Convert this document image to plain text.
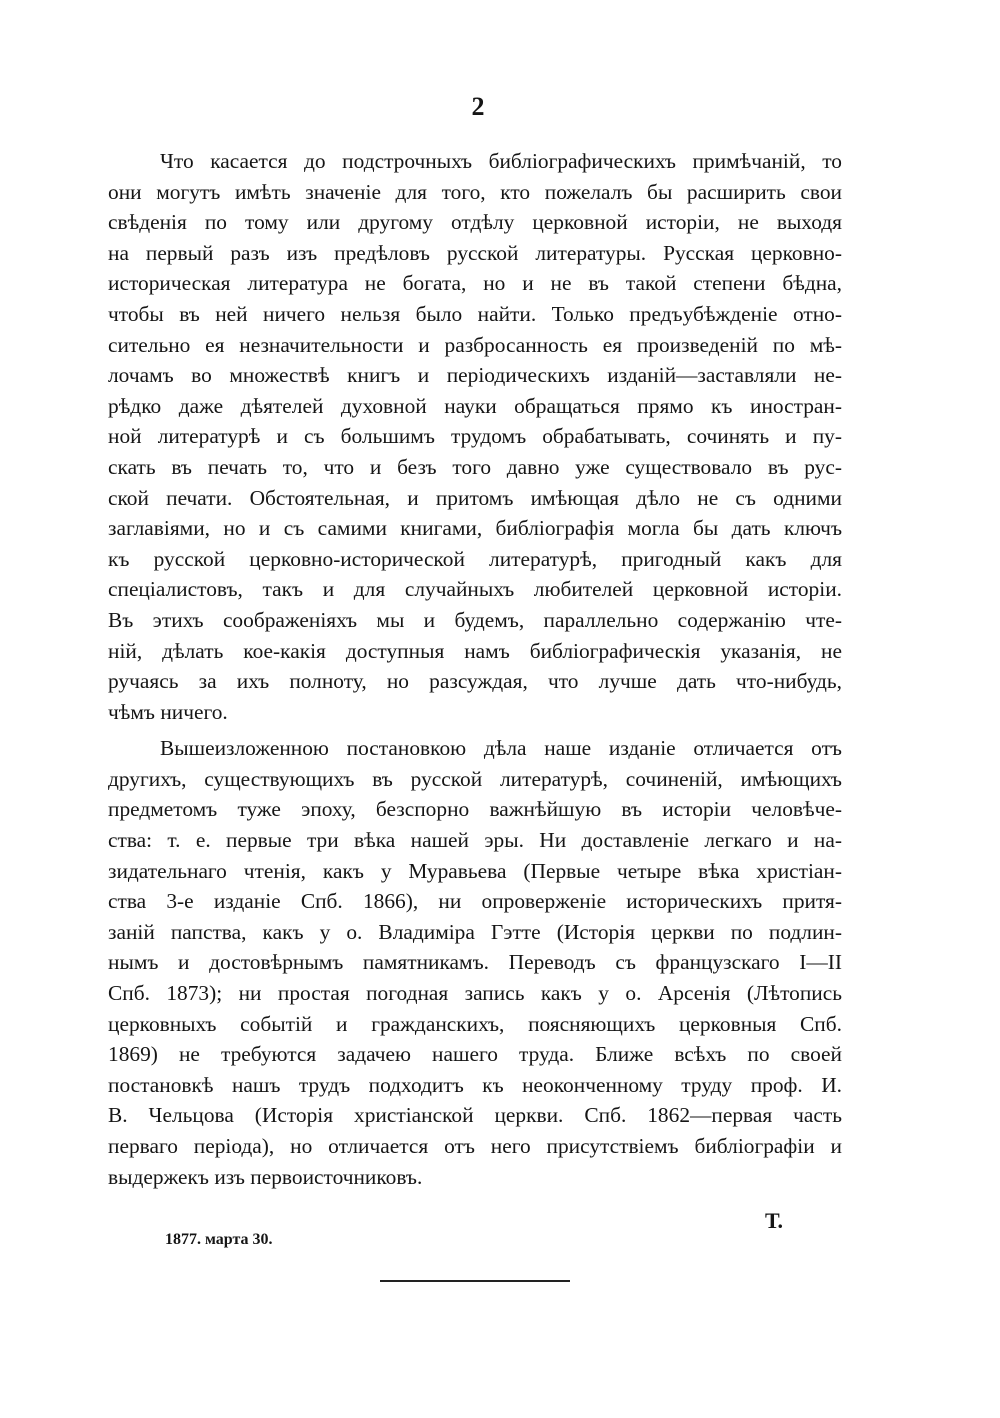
2

Что касается до подстрочныхъ библіографическихъ примѣчаній, то
они могутъ имѣть значеніе для того, кто пожелалъ бы расширить свои
свѣденія по тому или другому отдѣлу церковной исторіи, не выходя
на первый разъ изъ предѣловъ русской литературы. Русская церковно-
историческая литература не богата, но и не въ такой степени бѣдна,
чтобы въ ней ничего нельзя было найти. Только предъубѣжденіе отно-
сительно ея незначительности и разбросанность ея произведеній по мѣ-
лочамъ во множествѣ книгъ и періодическихъ изданій—заставляли не-
рѣдко даже дѣятелей духовной науки обращаться прямо къ иностран-
ной литературѣ и съ большимъ трудомъ обрабатывать, сочинять и пу-
скать въ печать то, что и безъ того давно уже существовало въ рус-
ской печати. Обстоятельная, и притомъ имѣющая дѣло не съ одними
заглавіями, но и съ самими книгами, библіографія могла бы дать ключъ
къ русской церковно-исторической литературѣ, пригодный какъ для
спеціалистовъ, такъ и для случайныхъ любителей церковной исторіи.
Въ этихъ соображеніяхъ мы и будемъ, параллельно содержанію чте-
ній, дѣлать кое-какія доступныя намъ библіографическія указанія, не
ручаясь за ихъ полноту, но разсуждая, что лучше дать что-нибудь,
чѣмъ ничего.
Вышеизложенною постановкою дѣла наше изданіе отличается отъ
другихъ, существующихъ въ русской литературѣ, сочиненій, имѣющихъ
предметомъ туже эпоху, безспорно важнѣйшую въ исторіи человѣче-
ства: т. е. первые три вѣка нашей эры. Ни доставленіе легкаго и на-
зидательнаго чтенія, какъ у Муравьева (Первые четыре вѣка христіан-
ства 3-е изданіе Спб. 1866), ни опроверженіе историческихъ притя-
заній папства, какъ у о. Владиміра Гэтте (Исторія церкви по подлин-
нымъ и достовѣрнымъ памятникамъ. Переводъ съ французскаго I—II
Спб. 1873); ни простая погодная запись какъ у о. Арсенія (Лѣтопись
церковныхъ событій и гражданскихъ, поясняющихъ церковныя Спб.
1869) не требуются задачею нашего труда. Ближе всѣхъ по своей
постановкѣ нашъ трудъ подходитъ къ неоконченному труду проф. И.
В. Чельцова (Исторія христіанской церкви. Спб. 1862—первая часть
перваго періода), но отличается отъ него присутствіемъ библіографіи и
выдержекъ изъ первоисточниковъ.

Т.

1877. марта 30.
